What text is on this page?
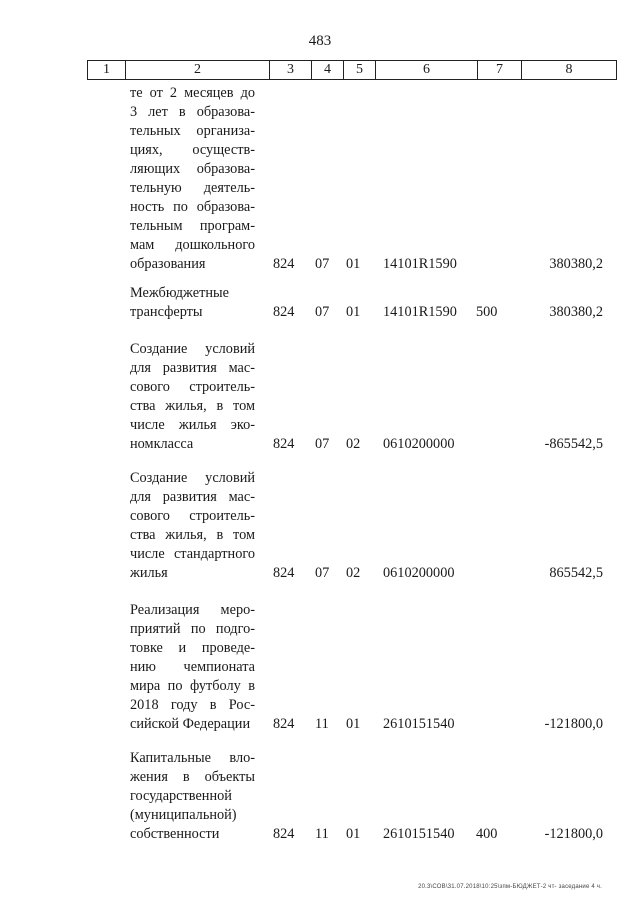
483
1	2	3	4	5	6	7	8
те от 2 месяцев до
3 лет в образова-
тельных организа-
циях, осуществ-
ляющих образова-
тельную деятель-
ность по образова-
тельным програм-
мам дошкольного
образования	824 07 01 14101R1590	380380,2
Межбюджетные
трансферты	824 07 01 14101R1590 500	380380,2
Создание условий
для развития мас-
сового строитель-
ства жилья, в том
числе жилья эко-
номкласса	824 07 02 0610200000	-865542,5
Создание условий
для развития мас-
сового строитель-
ства жилья, в том
числе стандартного
жилья	824 07 02 0610200000	865542,5
Реализация меро-
приятий по подго-
товке и проведе-
нию чемпионата
мира по футболу в
2018 году в Рос-
сийской Федерации	824 11 01 2610151540	-121800,0
Капитальные вло-
жения в объекты
государственной
(муниципальной)
собственности	824 11 01 2610151540 400	-121800,0
20.3\СОВ\31.07.2018\10:25\зпм-БЮДЖЕТ-2 чт- заседание 4 ч.
